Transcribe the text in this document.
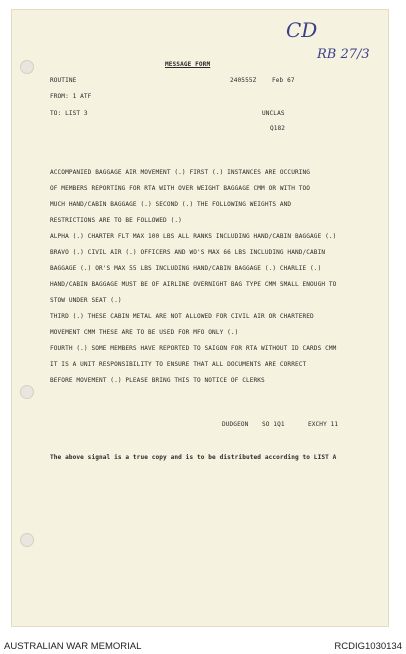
CD
RB 27/3
MESSAGE FORM
ROUTINE	240555Z	Feb 67
FROM: 1 ATF
TO: LIST 3	UNCLAS
Q182
ACCOMPANIED BAGGAGE AIR MOVEMENT (.) FIRST (.) INSTANCES ARE OCCURING
OF MEMBERS REPORTING FOR RTA WITH OVER WEIGHT BAGGAGE CMM OR WITH TOO
MUCH HAND/CABIN BAGGAGE (.) SECOND (.) THE FOLLOWING WEIGHTS AND
RESTRICTIONS ARE TO BE FOLLOWED (.)
ALPHA (.) CHARTER FLT MAX 100 LBS ALL RANKS INCLUDING HAND/CABIN BAGGAGE (.)
BRAVO (.) CIVIL AIR (.) OFFICERS AND WO'S MAX 66 LBS INCLUDING HAND/CABIN
BAGGAGE (.) OR'S MAX 55 LBS INCLUDING HAND/CABIN BAGGAGE (.) CHARLIE (.)
HAND/CABIN BAGGAGE MUST BE OF AIRLINE OVERNIGHT BAG TYPE CMM SMALL ENOUGH TO
STOW UNDER SEAT (.)
THIRD (.) THESE CABIN METAL ARE NOT ALLOWED FOR CIVIL AIR OR CHARTERED
MOVEMENT CMM THESE ARE TO BE USED FOR MFO ONLY (.)
FOURTH (.) SOME MEMBERS HAVE REPORTED TO SAIGON FOR RTA WITHOUT ID CARDS CMM
IT IS A UNIT RESPONSIBILITY TO ENSURE THAT ALL DOCUMENTS ARE CORRECT
BEFORE MOVEMENT (.) PLEASE BRING THIS TO NOTICE OF CLERKS
DUDGEON SO 1Q1	EXCHY 11
The above signal is a true copy and is to be distributed according to LIST A
AUSTRALIAN WAR MEMORIAL	RCDIG1030134
